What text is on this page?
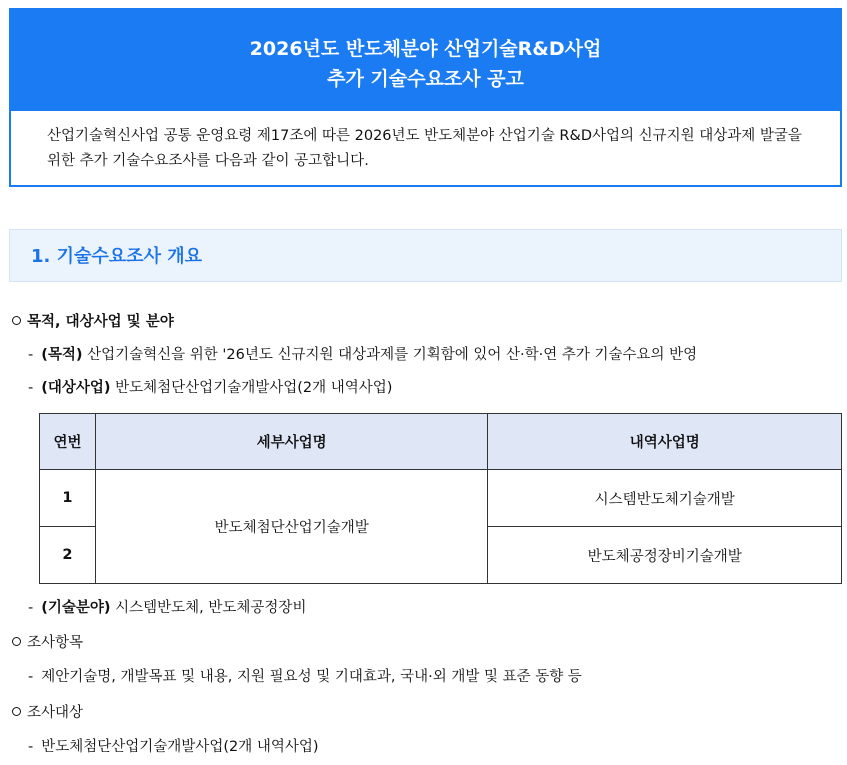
2026년도 반도체분야 산업기술R&D사업
추가 기술수요조사 공고
산업기술혁신사업 공통 운영요령 제17조에 따른 2026년도 반도체분야 산업기술 R&D사업의 신규지원 대상과제 발굴을
위한 추가 기술수요조사를 다음과 같이 공고합니다.
1. 기술수요조사 개요
목적, 대상사업 및 분야
- (목적) 산업기술혁신을 위한 '26년도 신규지원 대상과제를 기획함에 있어 산·학·연 추가 기술수요의 반영
- (대상사업) 반도체첨단산업기술개발사업(2개 내역사업)
연번	세부사업명	내역사업명
1	반도체첨단산업기술개발	시스템반도체기술개발
2		반도체공정장비기술개발
- (기술분야) 시스템반도체, 반도체공정장비
조사항목
- 제안기술명, 개발목표 및 내용, 지원 필요성 및 기대효과, 국내·외 개발 및 표준 동향 등
조사대상
- 반도체첨단산업기술개발사업(2개 내역사업)
